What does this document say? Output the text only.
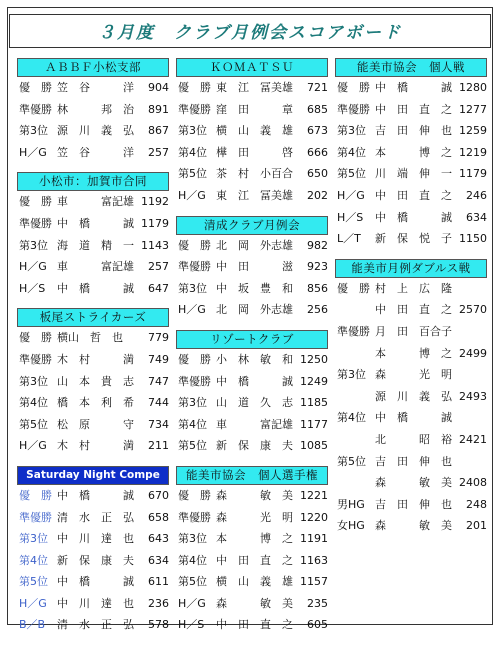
３月度　クラブ月例会スコアボード
ＡＢＢＦ小松支部
優　勝 笠　谷　　　洋	904
準優勝 林　　　邦　治	891
第3位 源　川　義　弘	867
H／G 笠　谷　　　洋	257
小松市：加賀市合同
優　勝 車　　　富記雄 1192
準優勝 中　橋　　　誠 1179
第3位 海　道　精　一 1143
H／G 車　　　富記雄	257
H／S	中　橋　　　誠	647
板尾ストライカーズ
優　勝 横山　哲　也	779
準優勝 木　村　　　満	749
第3位 山　本　貴　志	747
第4位 橋　本　利　希	744
第5位 松　原　　　守	734
H／G 木　村　　　満	211
Saturday Night Compe
優　勝 中　橋　　　誠	670
準優勝 清　水　正　弘	658
第3位 中　川　達　也	643
第4位 新　保　康　夫	634
第5位 中　橋　　　誠	611
H／G 中　川　達　也	236
B／B	清　水　正　弘	578
ＫＯＭＡＴＳＵ
優　勝 東　江　冨美雄	721
準優勝 窪　田　　　章	685
第3位 横　山　義　雄	673
第4位 樺　田　　　啓	666
第5位 茶　村　小百合	650
H／G 東　江　冨美雄	202
清成クラブ月例会
優　勝 北　岡　外志雄	982
準優勝 中　田　　　滋	923
第3位 中　坂　豊　和	856
H／G 北　岡　外志雄	256
リゾートクラブ
優　勝 小　林　敏　和 1250
準優勝 中　橋　　　誠 1249
第3位 山　道　久　志 1185
第4位 車　　　富記雄 1177
第5位 新　保　康　夫 1085
能美市協会　個人選手権
優　勝 森　　　敏　美 1221
準優勝 森　　　光　明 1220
第3位 本　　　博　之 1191
第4位 中　田　直　之 1163
第5位 横　山　義　雄 1157
H／G 森　　　敏　美	235
H／S	中　田　直　之	605
能美市協会　個人戦
優　勝 中　橋　　　誠 1280
準優勝 中　田　直　之 1277
第3位 吉　田　伸　也 1259
第4位 本　　　博　之 1219
第5位 川　端　伸　一 1179
H／G 中　田　直　之	246
H／S	中　橋　　　誠	634
L／T	新　保　悦　子 1150
能美市月例ダブルス戦
優　勝 村　上　広　隆
中　田　直　之 2570
準優勝 月　田　百合子
本　　　博　之 2499
第3位 森　　　光　明
源　川　義　弘 2493
第4位 中　橋　　　誠
北　　　昭　裕 2421
第5位 吉　田　伸　也
森　　　敏　美 2408
男HG 吉　田　伸　也	248
女HG 森　　　敏　美	201
